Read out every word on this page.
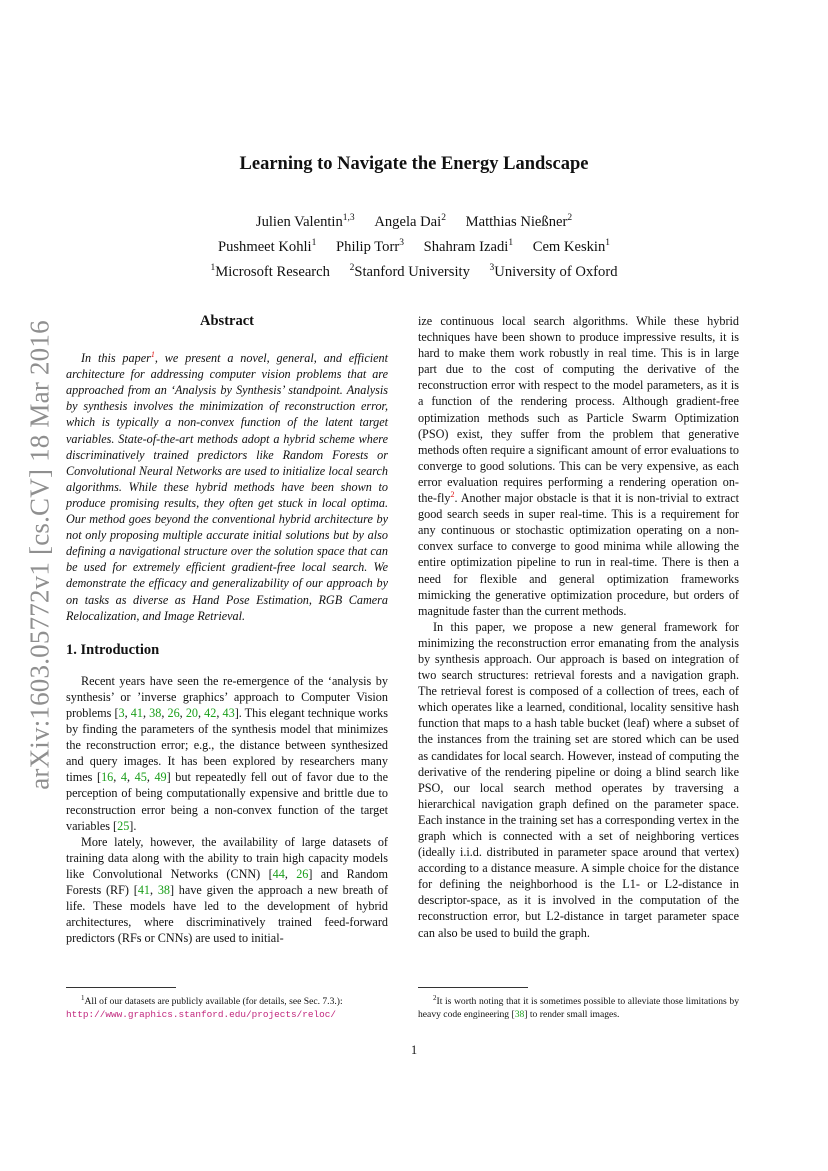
arXiv:1603.05772v1 [cs.CV] 18 Mar 2016
Learning to Navigate the Energy Landscape
Julien Valentin$^{1,3}$ Angela Dai$^2$ Matthias Nießner$^2$
Pushmeet Kohli$^1$ Philip Torr$^3$ Shahram Izadi$^1$ Cem Keskin$^1$
$^1$Microsoft Research $^2$Stanford University $^3$University of Oxford
Abstract

In this paper$^1$, we present a novel, general, and efficient architecture for addressing computer vision problems that are approached from an ‘Analysis by Synthesis’ standpoint. Analysis by synthesis involves the minimization of reconstruction error, which is typically a non-convex function of the latent target variables. State-of-the-art methods adopt a hybrid scheme where discriminatively trained predictors like Random Forests or Convolutional Neural Networks are used to initialize local search algorithms. While these hybrid methods have been shown to produce promising results, they often get stuck in local optima. Our method goes beyond the conventional hybrid architecture by not only proposing multiple accurate initial solutions but by also defining a navigational structure over the solution space that can be used for extremely efficient gradient-free local search. We demonstrate the efficacy and generalizability of our approach by on tasks as diverse as Hand Pose Estimation, RGB Camera Relocalization, and Image Retrieval.

1. Introduction

Recent years have seen the re-emergence of the ‘analysis by synthesis’ or ’inverse graphics’ approach to Computer Vision problems [3, 41, 38, 26, 20, 42, 43]. This elegant technique works by finding the parameters of the synthesis model that minimizes the reconstruction error; e.g., the distance between synthesized and query images. It has been explored by researchers many times [16, 4, 45, 49] but repeatedly fell out of favor due to the perception of being computationally expensive and brittle due to reconstruction error being a non-convex function of the target variables [25].

More lately, however, the availability of large datasets of training data along with the ability to train high capacity models like Convolutional Networks (CNN) [44, 26] and Random Forests (RF) [41, 38] have given the approach a new breath of life. These models have led to the development of hybrid architectures, where discriminatively trained feed-forward predictors (RFs or CNNs) are used to initial-

ize continuous local search algorithms. While these hybrid techniques have been shown to produce impressive results, it is hard to make them work robustly in real time. This is in large part due to the cost of computing the derivative of the reconstruction error with respect to the model parameters, as it is a function of the rendering process. Although gradient-free optimization methods such as Particle Swarm Optimization (PSO) exist, they suffer from the problem that generative methods often require a significant amount of error evaluations to converge to good solutions. This can be very expensive, as each error evaluation requires performing a rendering operation on-the-fly$^2$. Another major obstacle is that it is non-trivial to extract good search seeds in super real-time. This is a requirement for any continuous or stochastic optimization operating on a non-convex surface to converge to good minima while allowing the entire optimization pipeline to run in real-time. There is then a need for flexible and general optimization frameworks mimicking the generative optimization procedure, but orders of magnitude faster than the current methods.

In this paper, we propose a new general framework for minimizing the reconstruction error emanating from the analysis by synthesis approach. Our approach is based on integration of two search structures: retrieval forests and a navigation graph. The retrieval forest is composed of a collection of trees, each of which operates like a learned, conditional, locality sensitive hash function that maps to a hash table bucket (leaf) where a subset of the instances from the training set are stored which can be used as candidates for local search. However, instead of computing the derivative of the rendering pipeline or doing a blind search like PSO, our local search method operates by traversing a hierarchical navigation graph defined on the parameter space. Each instance in the training set has a corresponding vertex in the graph which is connected with a set of neighboring vertices (ideally i.i.d. distributed in parameter space around that vertex) according to a distance measure. A simple choice for the distance for defining the neighborhood is the L1- or L2-distance in descriptor-space, as it is involved in the computation of the reconstruction error, but L2-distance in target parameter space can also be used to build the graph.

$^1$All of our datasets are publicly available (for details, see Sec. 7.3.):
http://www.graphics.stanford.edu/projects/reloc/
$^2$It is worth noting that it is sometimes possible to alleviate those limitations by heavy code engineering [38] to render small images.
1
